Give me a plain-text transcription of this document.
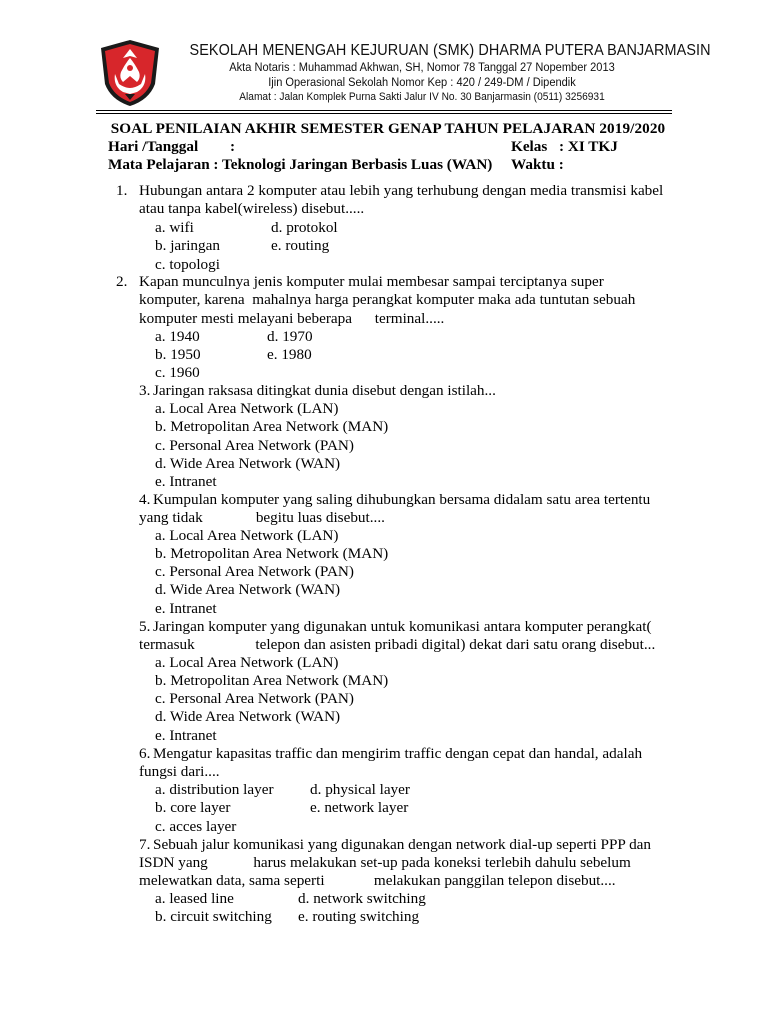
SEKOLAH MENENGAH KEJURUAN (SMK) DHARMA PUTERA BANJARMASIN
Akta Notaris : Muhammad Akhwan, SH, Nomor 78 Tanggal 27 Nopember 2013
Ijin Operasional Sekolah Nomor Kep : 420 / 249-DM / Dipendik
Alamat : Jalan Komplek Purna Sakti Jalur IV No. 30 Banjarmasin (0511) 3256931
SOAL PENILAIAN AKHIR SEMESTER GENAP TAHUN PELAJARAN 2019/2020
Hari /Tanggal :	Kelas : XI TKJ
Mata Pelajaran : Teknologi Jaringan Berbasis Luas (WAN) Waktu :
1. Hubungan antara 2 komputer atau lebih yang terhubung dengan media transmisi kabel
atau tanpa kabel(wireless) disebut.....
a. wifi	d. protokol
b. jaringan	e. routing
c. topologi
2. Kapan munculnya jenis komputer mulai membesar sampai terciptanya super
komputer, karena  mahalnya harga perangkat komputer maka ada tuntutan sebuah
komputer mesti melayani beberapa      terminal.....
a. 1940	d. 1970
b. 1950	e. 1980
c. 1960
3. Jaringan raksasa ditingkat dunia disebut dengan istilah...
a. Local Area Network (LAN)
b. Metropolitan Area Network (MAN)
c. Personal Area Network (PAN)
d. Wide Area Network (WAN)
e. Intranet
4. Kumpulan komputer yang saling dihubungkan bersama didalam satu area tertentu
yang tidak              begitu luas disebut....
a. Local Area Network (LAN)
b. Metropolitan Area Network (MAN)
c. Personal Area Network (PAN)
d. Wide Area Network (WAN)
e. Intranet
5. Jaringan komputer yang digunakan untuk komunikasi antara komputer perangkat(
termasuk                telepon dan asisten pribadi digital) dekat dari satu orang disebut...
a. Local Area Network (LAN)
b. Metropolitan Area Network (MAN)
c. Personal Area Network (PAN)
d. Wide Area Network (WAN)
e. Intranet
6. Mengatur kapasitas traffic dan mengirim traffic dengan cepat dan handal, adalah
fungsi dari....
a. distribution layer d. physical layer
b. core layer	e. network layer
c. acces layer
7. Sebuah jalur komunikasi yang digunakan dengan network dial-up seperti PPP dan
ISDN yang            harus melakukan set-up pada koneksi terlebih dahulu sebelum
melewatkan data, sama seperti             melakukan panggilan telepon disebut....
a. leased line	d. network switching
b. circuit switching e. routing switching
